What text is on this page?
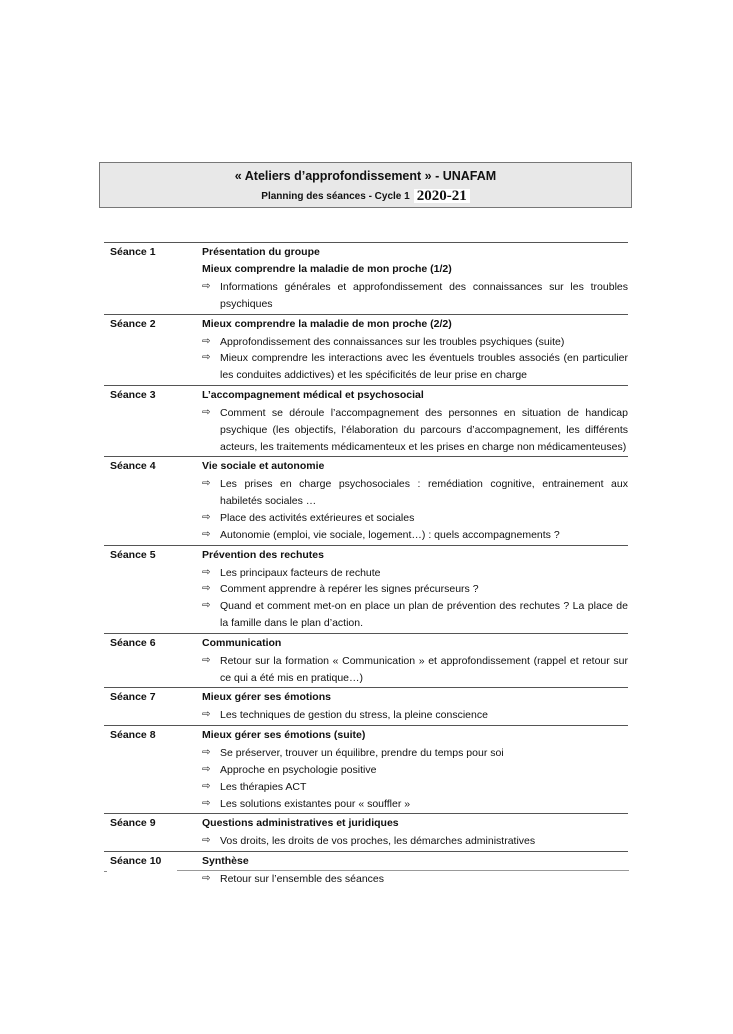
« Ateliers d’approfondissement » - UNAFAM
Planning des séances - Cycle 1 2020-21
Séance 1	Présentation du groupe
Mieux comprendre la maladie de mon proche (1/2)
⇨ Informations générales et approfondissement des connaissances sur les troubles psychiques
Séance 2	Mieux comprendre la maladie de mon proche (2/2)
⇨ Approfondissement des connaissances sur les troubles psychiques (suite)
⇨ Mieux comprendre les interactions avec les éventuels troubles associés (en particulier les conduites addictives) et les spécificités de leur prise en charge
Séance 3	L’accompagnement médical et psychosocial
⇨ Comment se déroule l’accompagnement des personnes en situation de handicap psychique (les objectifs, l’élaboration du parcours d’accompagnement, les différents acteurs, les traitements médicamenteux et les prises en charge non médicamenteuses)
Séance 4	Vie sociale et autonomie
⇨ Les prises en charge psychosociales : remédiation cognitive, entrainement aux habiletés sociales …
⇨ Place des activités extérieures et sociales
⇨ Autonomie (emploi, vie sociale, logement…) : quels accompagnements ?
Séance 5	Prévention des rechutes
⇨ Les principaux facteurs de rechute
⇨ Comment apprendre à repérer les signes précurseurs ?
⇨ Quand et comment met-on en place un plan de prévention des rechutes ? La place de la famille dans le plan d’action.
Séance 6	Communication
⇨ Retour sur la formation « Communication » et approfondissement (rappel et retour sur ce qui a été mis en pratique…)
Séance 7	Mieux gérer ses émotions
⇨ Les techniques de gestion du stress, la pleine conscience
Séance 8	Mieux gérer ses émotions (suite)
⇨ Se préserver, trouver un équilibre, prendre du temps pour soi
⇨ Approche en psychologie positive
⇨ Les thérapies ACT
⇨ Les solutions existantes pour « souffler »
Séance 9	Questions administratives et juridiques
⇨ Vos droits, les droits de vos proches, les démarches administratives
Séance 10	Synthèse
⇨ Retour sur l’ensemble des séances
